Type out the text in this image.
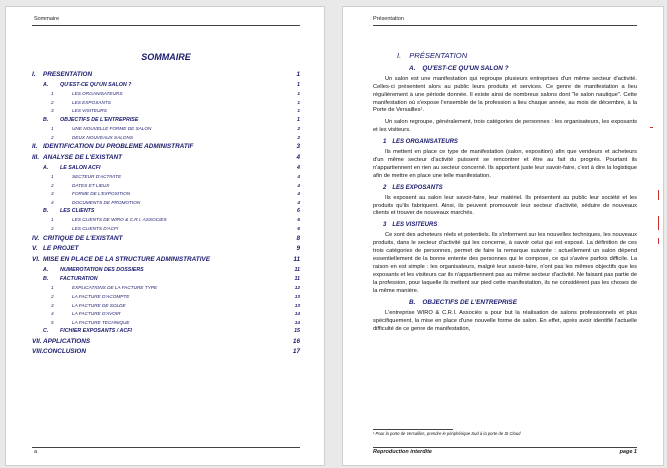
Sommaire
SOMMAIRE
I.	PRESENTATION	1
A.	QU'EST-CE QU'UN SALON ?	1
1	LES ORGANISATEURS	1
2	LES EXPOSANTS	1
3	LES VISITEURS	1
B.	OBJECTIFS DE L'ENTREPRISE	1
1	UNE NOUVELLE FORME DE SALON	2
2	DEUX NOUVEAUX SALONS	2
II. IDENTIFICATION DU PROBLEME ADMINISTRATIF	3
III. ANALYSE DE L'EXISTANT	4
A.	LE SALON ACFI	4
1	SECTEUR D'ACTIVITE	4
2	DATES ET LIEUX	4
3	FORME DE L'EXPOSITION	4
4	DOCUMENTS DE PROMOTION	4
B.	LES CLIENTS	6
1	LES CLIENTS DE WIRO & C.R.I. ASSOCIES	6
2	LES CLIENTS D'ACFI	6
IV. CRITIQUE DE L'EXISTANT	8
V. LE PROJET	9
VI. MISE EN PLACE DE LA STRUCTURE ADMINISTRATIVE	11
A.	NUMEROTATION DES DOSSIERS	11
B.	FACTURATION	11
1	EXPLICATIONS DE LA FACTURE TYPE	12
2	LA FACTURE D'ACOMPTE	13
3	LA FACTURE DE SOLDE	13
4	LA FACTURE D'AVOIR	14
5	LA FACTURE TECHNIQUE	14
C.	FICHIER EXPOSANTS / ACFI	15
VII. APPLICATIONS	16
VIII. CONCLUSION	17
a
Présentation
I. PRÉSENTATION
A. QU'EST-CE QU'UN SALON ?

Un salon est une manifestation qui regroupe plusieurs entreprises d'un même secteur d'activité. Celles-ci présentent alors au public leurs produits et services. Ce genre de manifestation a lieu régulièrement à une période donnée. Il existe ainsi de nombreux salons dont "le salon nautique". Cette manifestation où s'expose l'ensemble de la profession a lieu chaque année, au mois de décembre, à la Porte de Versailles¹.

Un salon regroupe, généralement, trois catégories de personnes : les organisateurs, les exposants et les visiteurs.

1 LES ORGANISATEURS

Ils mettent en place ce type de manifestation (salon, exposition) afin que vendeurs et acheteurs d'un même secteur d'activité puissent se rencontrer et être au fait du progrès. Pourtant ils n'appartiennent en rien au secteur concerné. Ils apportent juste leur savoir-faire, c'est à dire la logistique afin de mettre en place une telle manifestation.

2 LES EXPOSANTS

Ils exposent au salon leur savoir-faire, leur matériel. Ils présentent au public leur société et les produits qu'ils fabriquent. Ainsi, ils peuvent promouvoir leur secteur d'activité, séduire de nouveaux clients et trouver de nouveaux marchés.

3 LES VISITEURS

Ce sont des acheteurs réels et potentiels. Ils s'informent sur les nouvelles techniques, les nouveaux produits, dans le secteur d'activité qui les concerne, à savoir celui qui est exposé. La définition de ces trois catégories de personnes, permet de faire la remarque suivante : actuellement un salon dépend essentiellement de la bonne entente des personnes qui le compose, ce qui s'avère parfois difficile. La raison en est simple : les organisateurs, malgré leur savoir-faire, n'ont pas les mêmes objectifs que les exposants et les visiteurs car ils n'appartiennent pas au même secteur d'activité. Ne faisant pas partie de la profession, pour laquelle ils mettent sur pied cette manifestation, ils ne considèrent pas les choses de la même manière.

B. OBJECTIFS DE L'ENTREPRISE

L'entreprise WIRO & C.R.I. Associés a pour but la réalisation de salons professionnels et plus spécifiquement, la mise en place d'une nouvelle forme de salon. En effet, après avoir identifié l'actuelle difficulté de ce genre de manifestation,

¹ Pour la porte de Versailles, prendre le périphérique Sud à la porte de St Cloud
Reproduction interdite	page 1
